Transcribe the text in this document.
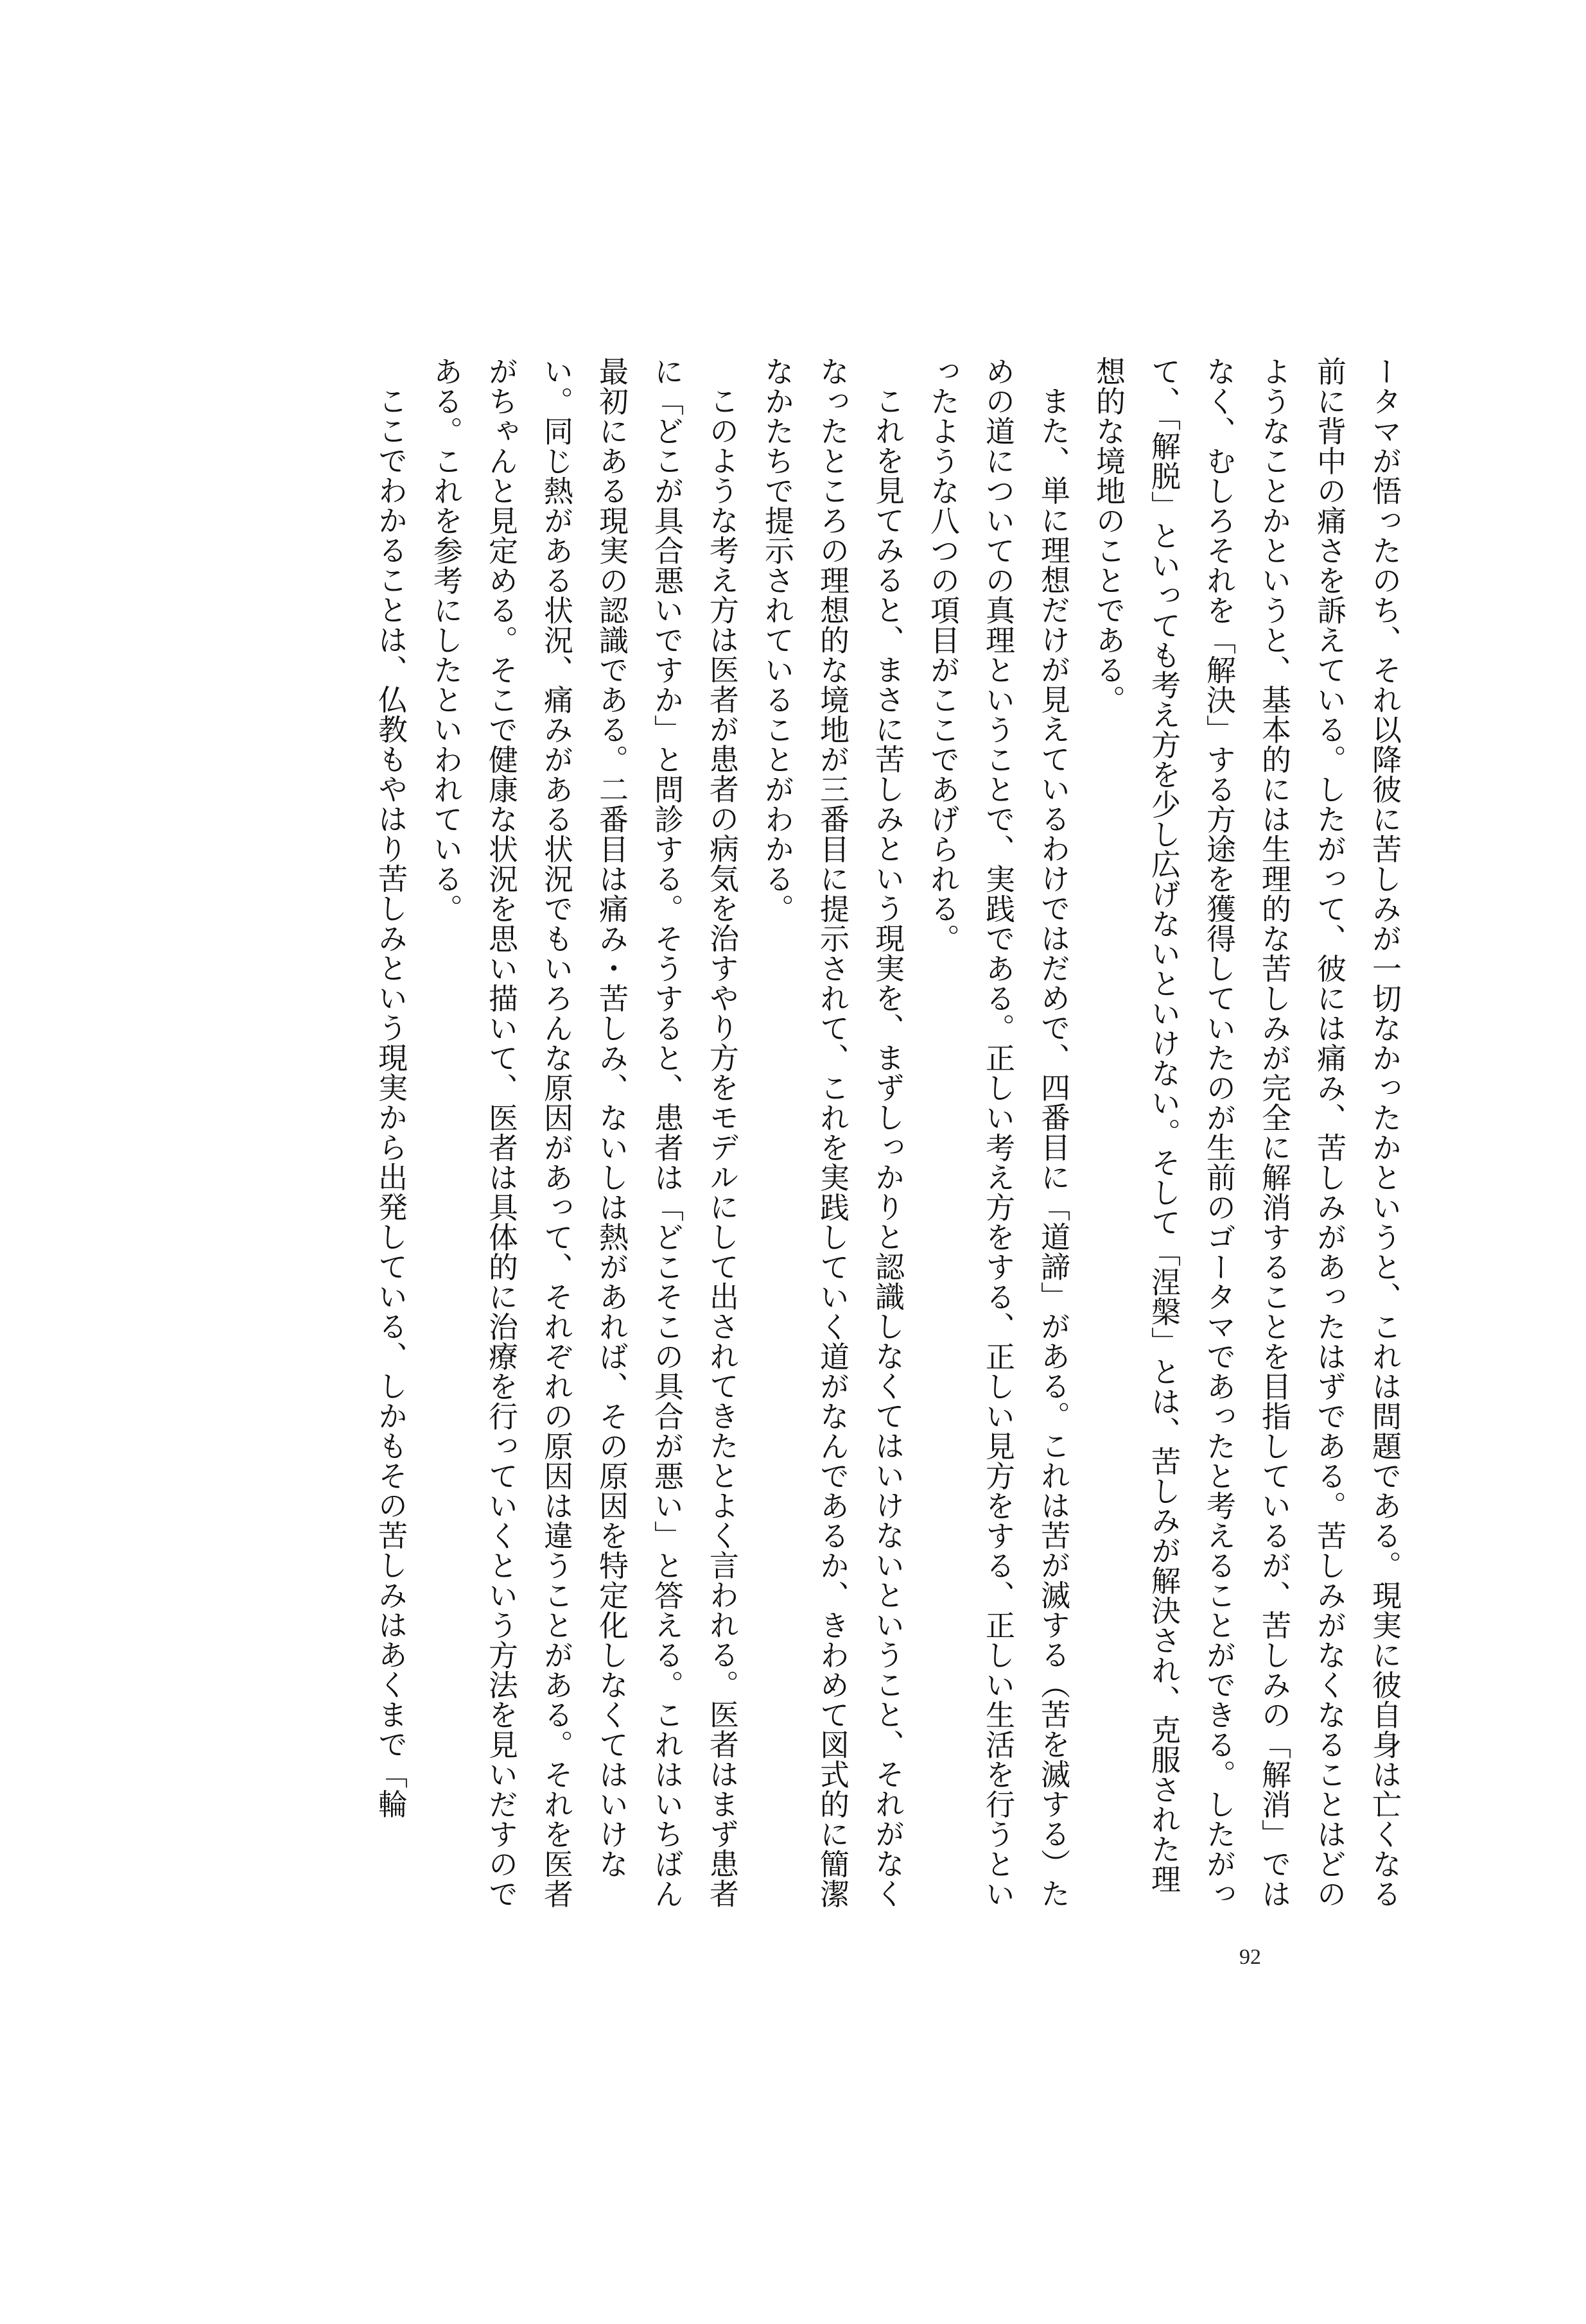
ータマが悟ったのち、それ以降彼に苦しみが一切なかったかというと、これは問題である。現実に彼自身は亡くなる前に背中の痛さを訴えている。したがって、彼には痛み、苦しみがあったはずである。苦しみがなくなることはどのようなことかというと、基本的には生理的な苦しみが完全に解消することを目指しているが、苦しみの「解消」ではなく、むしろそれを「解決」する方途を獲得していたのが生前のゴータマであったと考えることができる。したがって、「解脱」といっても考え方を少し広げないといけない。そして「涅槃」とは、苦しみが解決され、克服された理想的な境地のことである。

また、単に理想だけが見えているわけではだめで、四番目に「道諦」がある。これは苦が滅する（苦を滅する）ための道についての真理ということで、実践である。正しい考え方をする、正しい見方をする、正しい生活を行うといったような八つの項目がここであげられる。

これを見てみると、まさに苦しみという現実を、まずしっかりと認識しなくてはいけないということ、それがなくなったところの理想的な境地が三番目に提示されて、これを実践していく道がなんであるか、きわめて図式的に簡潔なかたちで提示されていることがわかる。

このような考え方は医者が患者の病気を治すやり方をモデルにして出されてきたとよく言われる。医者はまず患者に「どこが具合悪いですか」と問診する。そうすると、患者は「どこそこの具合が悪い」と答える。これはいちばん最初にある現実の認識である。二番目は痛み・苦しみ、ないしは熱があれば、その原因を特定化しなくてはいけない。同じ熱がある状況、痛みがある状況でもいろんな原因があって、それぞれの原因は違うことがある。それを医者がちゃんと見定める。そこで健康な状況を思い描いて、医者は具体的に治療を行っていくという方法を見いだすのである。これを参考にしたといわれている。

ここでわかることは、仏教もやはり苦しみという現実から出発している、しかもその苦しみはあくまで「輪

92
